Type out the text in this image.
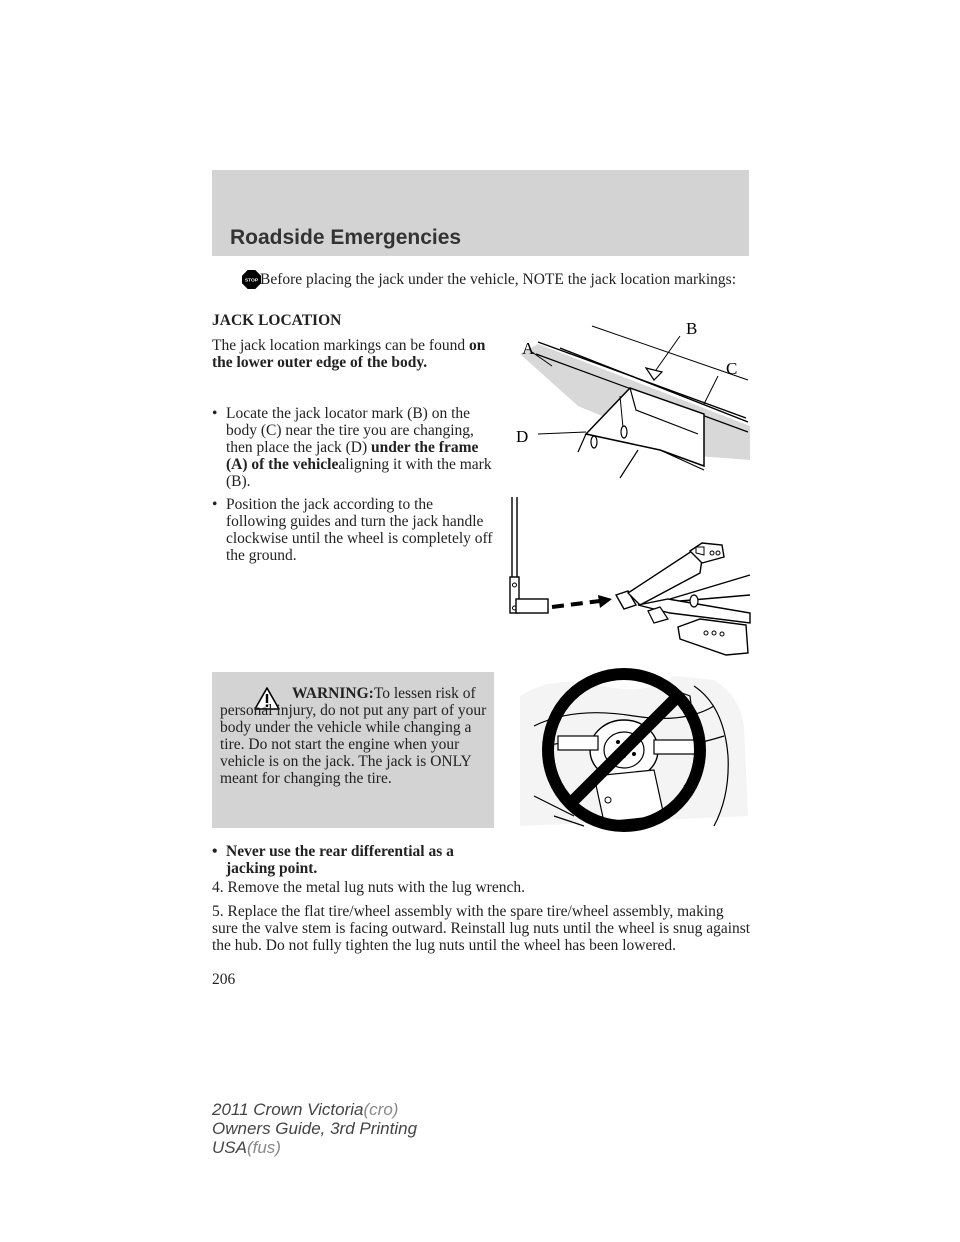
Roadside Emergencies
STOP Before placing the jack under the vehicle, NOTE the jack location markings:
JACK LOCATION
The jack location markings can be found on the lower outer edge of the body.
• Locate the jack locator mark (B) on the body (C) near the tire you are changing, then place the jack (D) under the frame (A) of the vehiclealigning it with the mark (B).
• Position the jack according to the following guides and turn the jack handle clockwise until the wheel is completely off the ground.
A
B
C
D
WARNING:To lessen risk of personal injury, do not put any part of your body under the vehicle while changing a tire. Do not start the engine when your vehicle is on the jack. The jack is ONLY meant for changing the tire.
• Never use the rear differential as a jacking point.
4. Remove the metal lug nuts with the lug wrench.
5. Replace the flat tire/wheel assembly with the spare tire/wheel assembly, making sure the valve stem is facing outward. Reinstall lug nuts until the wheel is snug against the hub. Do not fully tighten the lug nuts until the wheel has been lowered.
206
2011 Crown Victoria(cro)
Owners Guide, 3rd Printing
USA(fus)
